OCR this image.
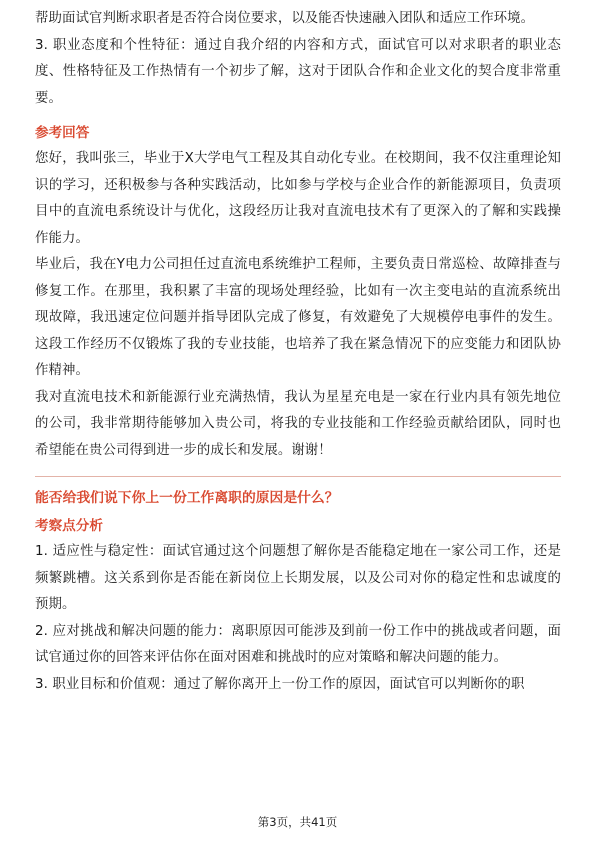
帮助面试官判断求职者是否符合岗位要求，以及能否快速融入团队和适应工作环境。

3. 职业态度和个性特征：通过自我介绍的内容和方式，面试官可以对求职者的职业态度、性格特征及工作热情有一个初步了解，这对于团队合作和企业文化的契合度非常重要。

参考回答

您好，我叫张三，毕业于X大学电气工程及其自动化专业。在校期间，我不仅注重理论知识的学习，还积极参与各种实践活动，比如参与学校与企业合作的新能源项目，负责项目中的直流电系统设计与优化，这段经历让我对直流电技术有了更深入的了解和实践操作能力。

毕业后，我在Y电力公司担任过直流电系统维护工程师，主要负责日常巡检、故障排查与修复工作。在那里，我积累了丰富的现场处理经验，比如有一次主变电站的直流系统出现故障，我迅速定位问题并指导团队完成了修复，有效避免了大规模停电事件的发生。这段工作经历不仅锻炼了我的专业技能，也培养了我在紧急情况下的应变能力和团队协作精神。

我对直流电技术和新能源行业充满热情，我认为星星充电是一家在行业内具有领先地位的公司，我非常期待能够加入贵公司，将我的专业技能和工作经验贡献给团队，同时也希望能在贵公司得到进一步的成长和发展。谢谢！

能否给我们说下你上一份工作离职的原因是什么？
考察点分析

1. 适应性与稳定性：面试官通过这个问题想了解你是否能稳定地在一家公司工作，还是频繁跳槽。这关系到你是否能在新岗位上长期发展，以及公司对你的稳定性和忠诚度的预期。

2. 应对挑战和解决问题的能力：离职原因可能涉及到前一份工作中的挑战或者问题，面试官通过你的回答来评估你在面对困难和挑战时的应对策略和解决问题的能力。

3. 职业目标和价值观：通过了解你离开上一份工作的原因，面试官可以判断你的职

第3页，共41页
